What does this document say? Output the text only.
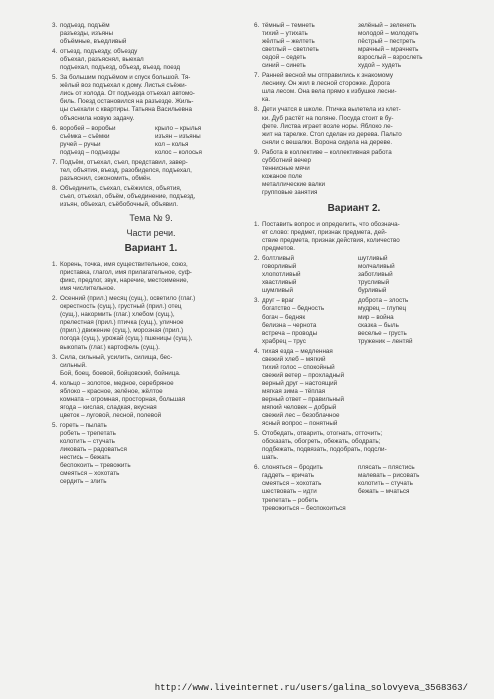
3. подъезд, подъём
разъезды, изъяны
объёмные, въедливый
4. отъезд, подъезду, объезду
объехал, разъяснял, выехал
подъехал, подъезд, объезд, въезд, поезд
5. За большим подъёмом и спуск большой. Тя-
жёлый воз подъехал к дому. Листья съёжи-
лись от холода. От подъезда отъехал автомо-
биль. Поезд остановился на разъезде. Жиль-
цы съехали с квартиры. Татьяна Васильевна
объяснила новую задачу.
6. воробей – воробьи	крыло – крылья
съёмка – съёмки	изъян – изъяны
ручей – ручьи	кол – колья
подъезд – подъезды	колос – колосья
7. Подъём, отъехал, съел, представил, завер-
тел, объятия, въезд, разобиделся, подъехал,
разъяснил, сэкономить, обмён.
8. Объединить, съехал, съёжился, объятия,
съел, отъехал, объём, объединение, подъезд,
изъян, объехал, съёбобочный, объявил.
Тема № 9.
Части речи.
Вариант 1.
1. Корень, точка, имя существительное, союз,
приставка, глагол, имя прилагательное, суф-
фикс, предлог, звук, наречие, местоимение,
имя числительное.
2. Осенний (прил.) месяц (сущ.), осветило (глаг.)
окрестность (сущ.), грустный (прил.) отец
(сущ.), накормить (глаг.) хлебом (сущ.),
прелестная (прил.) птичка (сущ.), уличное
(прил.) движение (сущ.), морозная (прил.)
погода (сущ.), урожай (сущ.) пшеницы (сущ.),
выкопать (глаг.) картофель (сущ.).
3. Сила, сильный, усилить, силища, бес-
сильный.
Бой, боец, боевой, бойцовский, бойница.
4. кольцо – золотое, медное, серебряное
яблоко – красное, зелёное, жёлтое
комната – огромная, просторная, большая
ягода – кислая, сладкая, вкусная
цветок – луговой, лесной, полевой
5. гореть – пылать
робеть – трепетать
колотить – стучать
ликовать – радоваться
нестись – бежать
беспокоить – тревожить
смеяться – хохотать
сердить – злить
6. тёмный – темнеть	зелёный – зеленеть
тихий – утихать	молодой – молодеть
жёлтый – желтеть	пёстрый – пестреть
светлый – светлеть	мрачный – мрачнеть
седой – седеть	взрослый – взрослеть
синий – синеть	худой – худеть
7. Ранней весной мы отправились к знакомому
леснику. Он жил в лесной сторожке. Дорога
шла лесом. Она вела прямо к избушке лесни-
ка.
8. Дети учатся в школе. Птичка вылетела из клет-
ки. Дуб растёт на поляне. Посуда стоит в бу-
фете. Листва играет возле норы. Яблоко ле-
жит на тарелке. Стол сделан из дерева. Пальто
сняли с вешалки. Ворона сидела на дереве.
9. Работа в коллективе – коллективная работа
субботний вечер
теннисные мячи
кожаное поле
металлические валки
групповые занятия
Вариант 2.
1. Поставить вопрос и определить, что обознача-
ет слово: предмет, признак предмета, дей-
ствие предмета, признак действия, количество
предметов.
2. болтливый	шутливый
говорливый	молчаливый
хлопотливый	заботливый
хвастливый	трусливый
шумливый	бурливый
3. друг – враг	доброта – злость
богатство – бедность	мудрец – глупец
богач – бедняк	мир – война
белизна – чернота	сказка – быль
встреча – проводы	веселье – грусть
храбрец – трус	труженик – лентяй
4. тихая езда – медленная
свежий хлеб – мягкий
тихий голос – спокойный
свежий ветер – прохладный
верный друг – настоящий
мягкая зима – тёплая
верный ответ – правильный
мягкий человек – добрый
свежий лес – безоблачное
ясный вопрос – понятный
5. Отобедать, отварить, отогнать, отточить;
обсказать, обогреть, обежать, ободрать;
подбежать, подвязать, подобрать, подсли-
шать.
6. слоняться – бродить	плясать – плястись
гаддеть – кричать	малевать – рисовать
смеяться – хохотать	колотить – стучать
шествовать – идти	бежать – мчаться
трепетать – робеть
тревожиться – беспокоиться
http://www.liveinternet.ru/users/galina_solovyeva_3568363/
